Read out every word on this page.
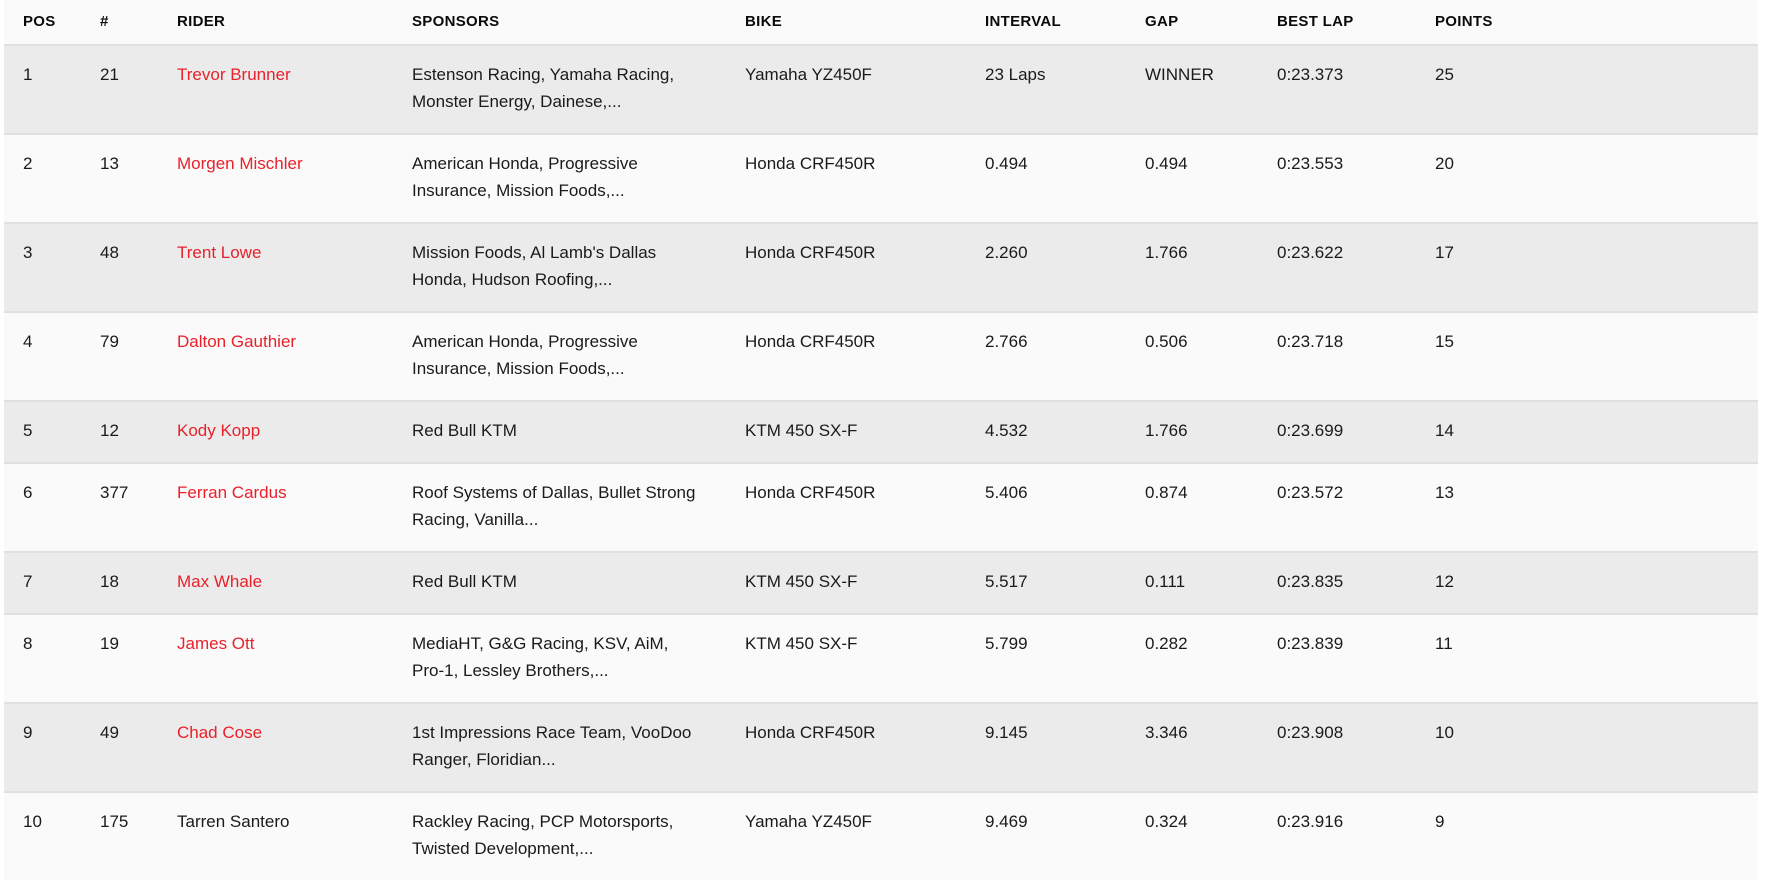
POS	#	RIDER	SPONSORS	BIKE	INTERVAL	GAP	BEST LAP	POINTS
1	21	Trevor Brunner	Estenson Racing, Yamaha Racing, Monster Energy, Dainese,...	Yamaha YZ450F	23 Laps	WINNER	0:23.373	25
2	13	Morgen Mischler	American Honda, Progressive Insurance, Mission Foods,...	Honda CRF450R	0.494	0.494	0:23.553	20
3	48	Trent Lowe	Mission Foods, Al Lamb's Dallas Honda, Hudson Roofing,...	Honda CRF450R	2.260	1.766	0:23.622	17
4	79	Dalton Gauthier	American Honda, Progressive Insurance, Mission Foods,...	Honda CRF450R	2.766	0.506	0:23.718	15
5	12	Kody Kopp	Red Bull KTM	KTM 450 SX-F	4.532	1.766	0:23.699	14
6	377	Ferran Cardus	Roof Systems of Dallas, Bullet Strong Racing, Vanilla...	Honda CRF450R	5.406	0.874	0:23.572	13
7	18	Max Whale	Red Bull KTM	KTM 450 SX-F	5.517	0.111	0:23.835	12
8	19	James Ott	MediaHT, G&G Racing, KSV, AiM, Pro-1, Lessley Brothers,...	KTM 450 SX-F	5.799	0.282	0:23.839	11
9	49	Chad Cose	1st Impressions Race Team, VooDoo Ranger, Floridian...	Honda CRF450R	9.145	3.346	0:23.908	10
10	175	Tarren Santero	Rackley Racing, PCP Motorsports, Twisted Development,...	Yamaha YZ450F	9.469	0.324	0:23.916	9
